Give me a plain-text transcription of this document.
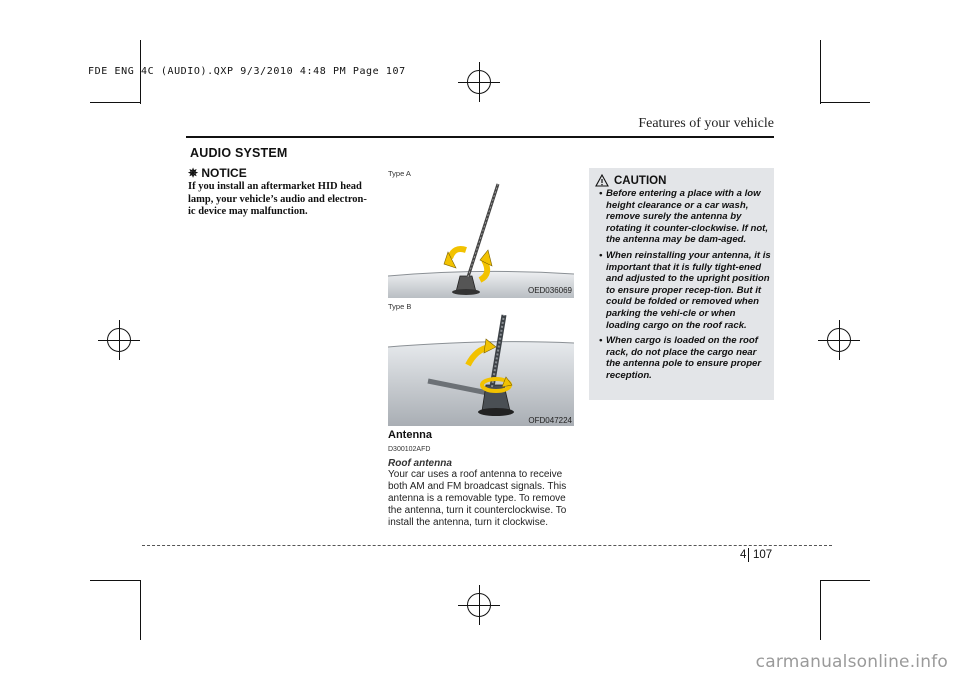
FDE ENG 4C (AUDIO).QXP 9/3/2010 4:48 PM Page 107
Features of your vehicle
AUDIO SYSTEM
✵ NOTICE
If you install an aftermarket HID head lamp, your vehicle’s audio and electron-ic device may malfunction.
Type A
OED036069
Type B
OFD047224
Antenna
D300102AFD
Roof antenna
Your car uses a roof antenna to receive both AM and FM broadcast signals. This antenna is a removable type. To remove the antenna, turn it counterclockwise. To install the antenna, turn it clockwise.
CAUTION
• Before entering a place with a low height clearance or a car wash, remove surely the antenna by rotating it counter-clockwise. If not, the antenna may be dam-aged.
• When reinstalling your antenna, it is important that it is fully tight-ened and adjusted to the upright position to ensure proper recep-tion. But it could be folded or removed when parking the vehi-cle or when loading cargo on the roof rack.
• When cargo is loaded on the roof rack, do not place the cargo near the antenna pole to ensure proper reception.
4 107
carmanualsonline.info
